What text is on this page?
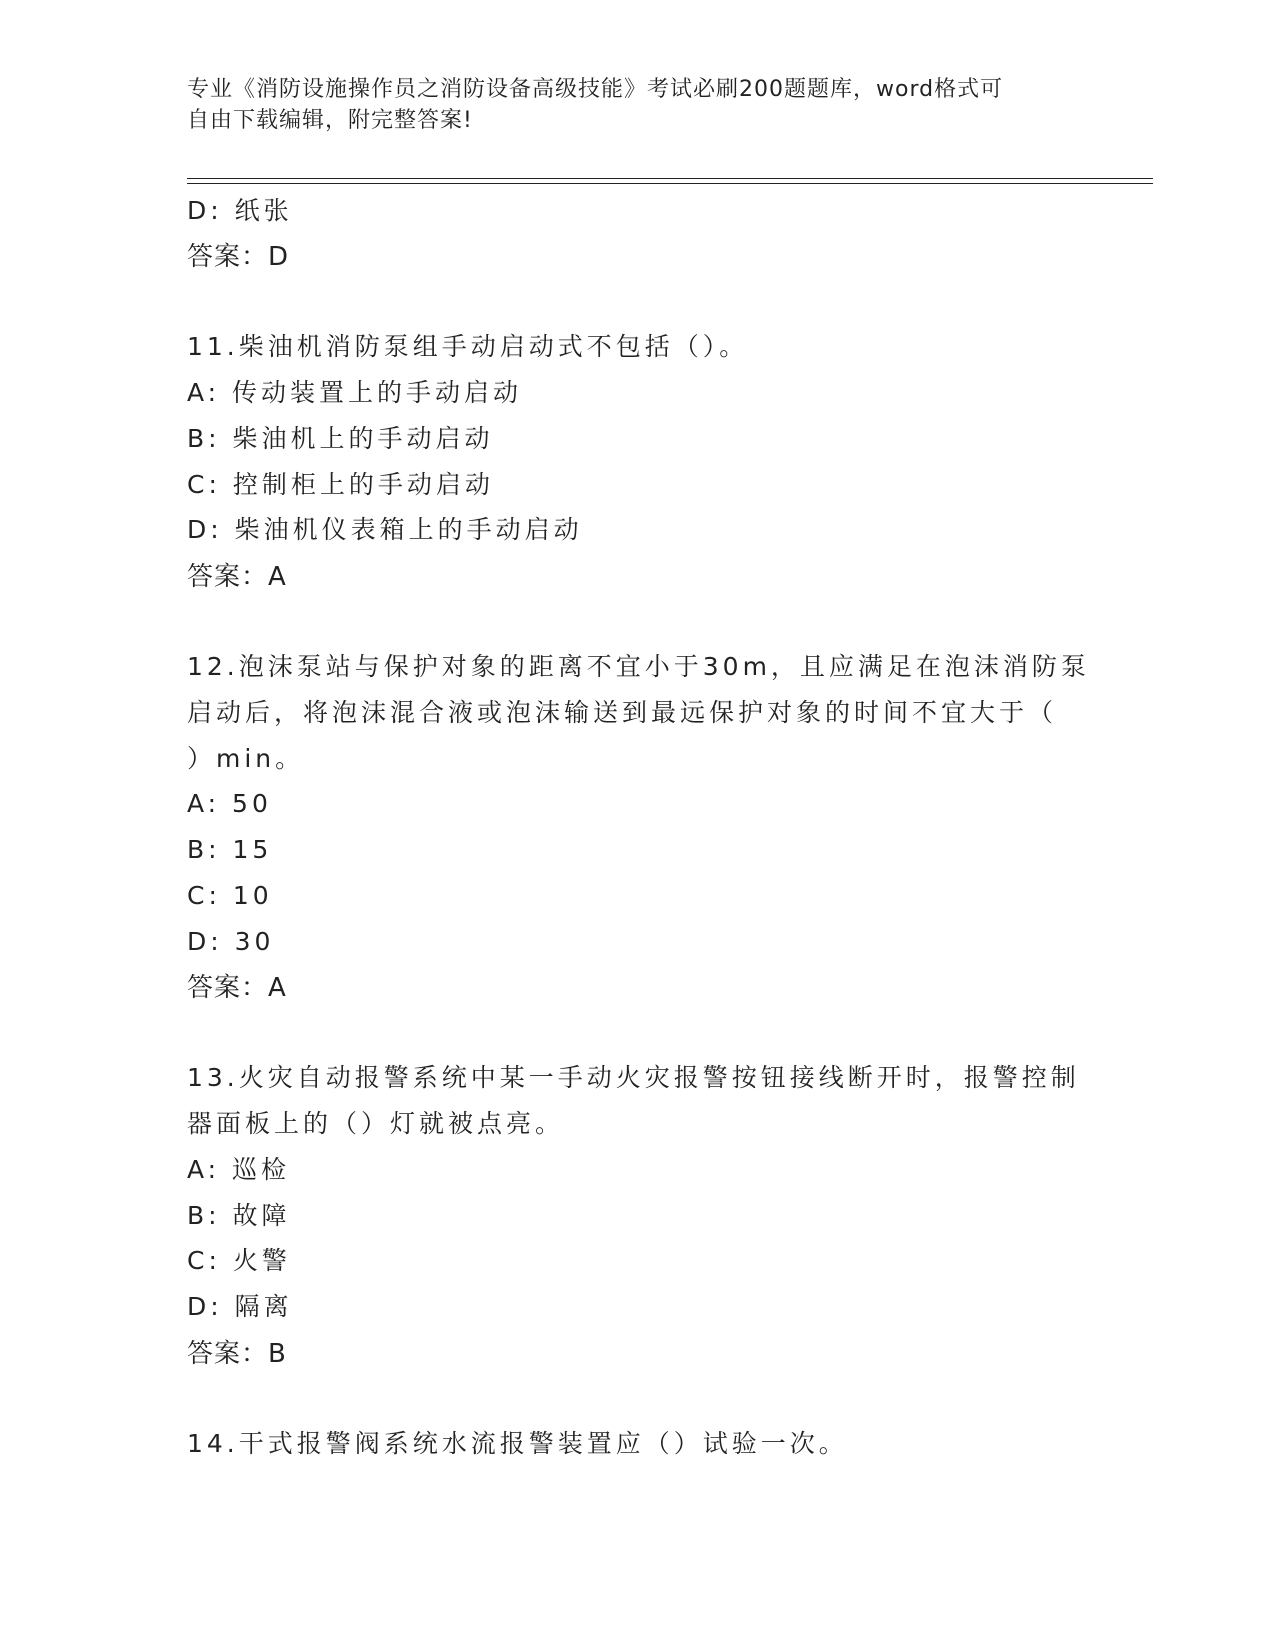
专业《消防设施操作员之消防设备高级技能》考试必刷200题题库，word格式可
自由下载编辑，附完整答案!
D: 纸张
答案：D
11.柴油机消防泵组手动启动式不包括（）。
A: 传动装置上的手动启动
B: 柴油机上的手动启动
C: 控制柜上的手动启动
D: 柴油机仪表箱上的手动启动
答案：A
12.泡沫泵站与保护对象的距离不宜小于30m，且应满足在泡沫消防泵
启动后，将泡沫混合液或泡沫输送到最远保护对象的时间不宜大于（
）min。
A: 50
B: 15
C: 10
D: 30
答案：A
13.火灾自动报警系统中某一手动火灾报警按钮接线断开时，报警控制
器面板上的（）灯就被点亮。
A: 巡检
B: 故障
C: 火警
D: 隔离
答案：B
14.干式报警阀系统水流报警装置应（）试验一次。
